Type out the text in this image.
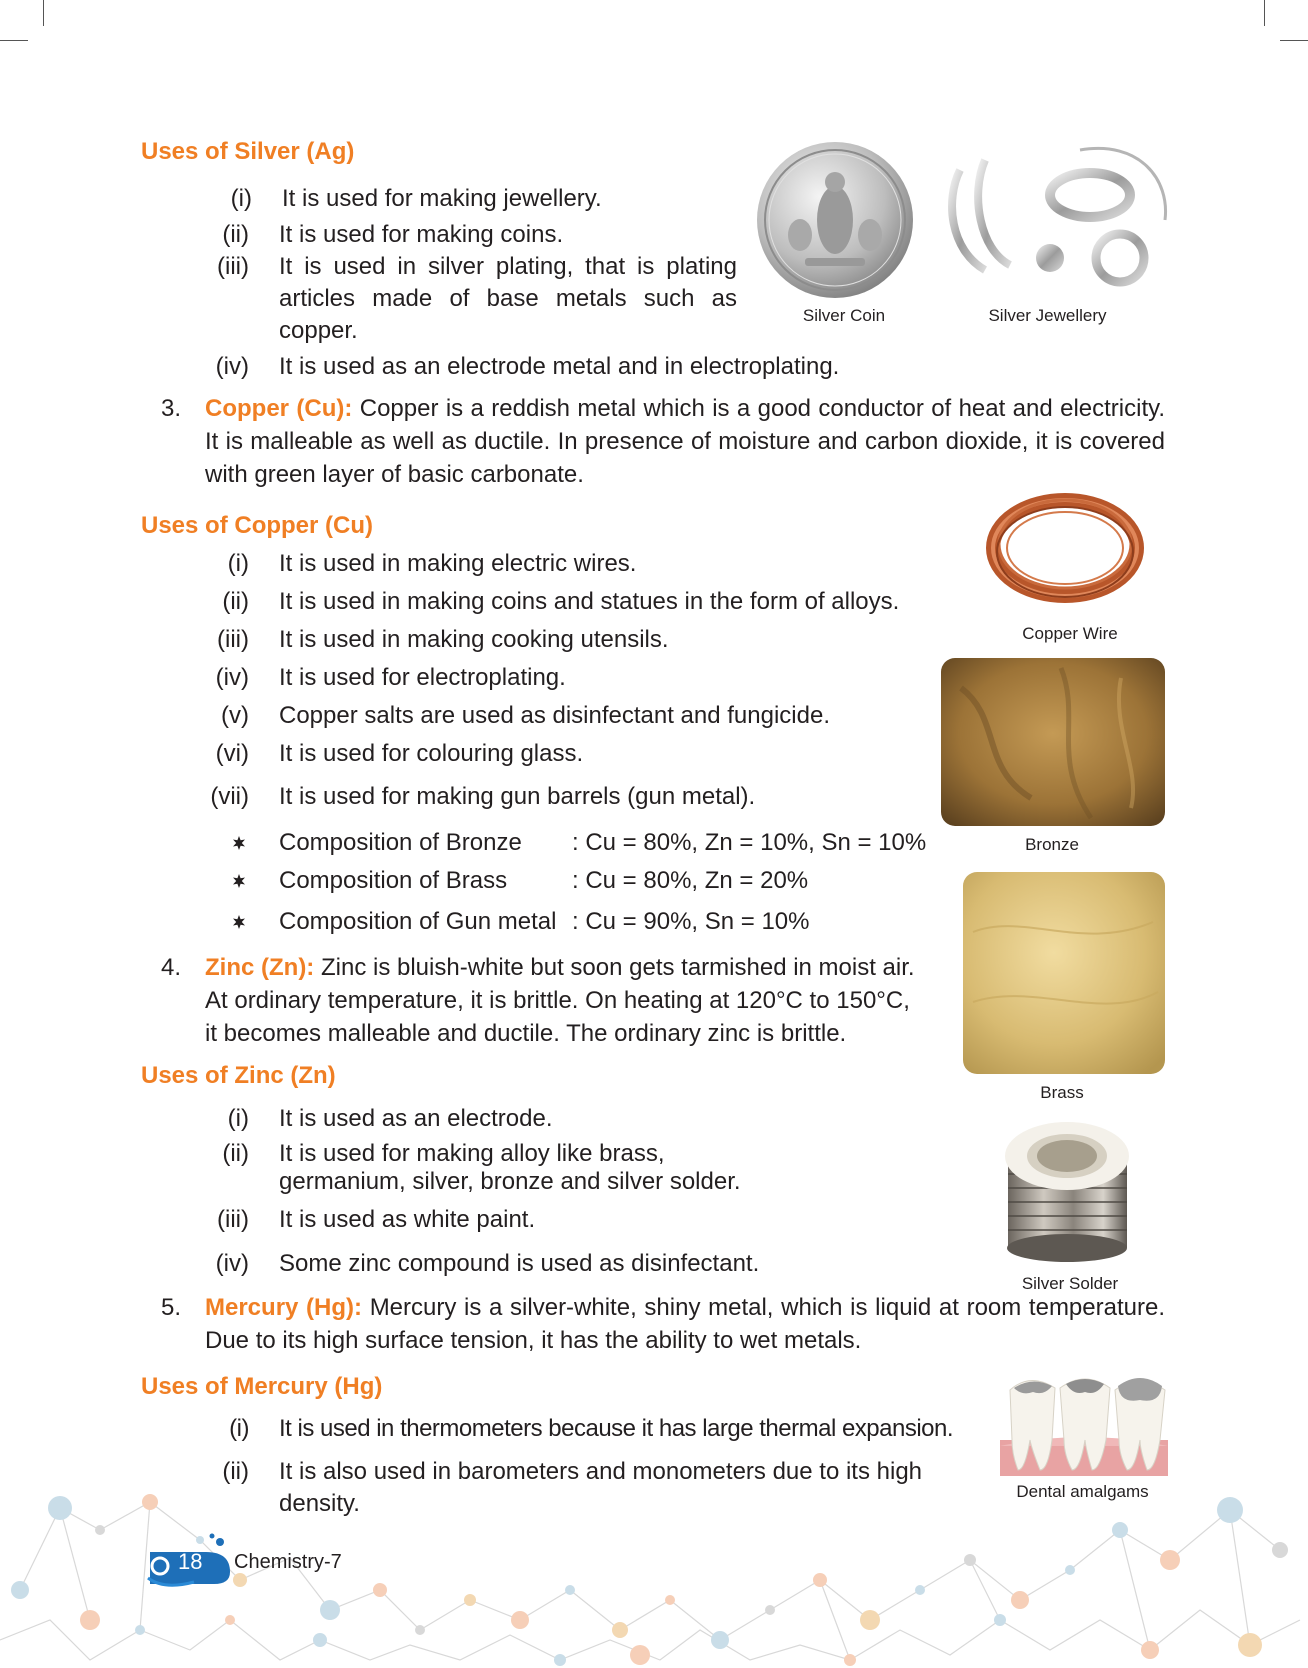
Uses of Silver (Ag)
(i) It is used for making jewellery.
(ii) It is used for making coins.
(iii) It is used in silver plating, that is plating articles made of base metals such as copper.
(iv) It is used as an electrode metal and in electroplating.
Silver Coin	Silver Jewellery
3. Copper (Cu): Copper is a reddish metal which is a good conductor of heat and electricity. It is malleable as well as ductile. In presence of moisture and carbon dioxide, it is covered with green layer of basic carbonate.
Uses of Copper (Cu)
(i) It is used in making electric wires.
(ii) It is used in making coins and statues in the form of alloys.
(iii) It is used in making cooking utensils.
(iv) It is used for electroplating.
(v) Copper salts are used as disinfectant and fungicide.
(vi) It is used for colouring glass.
(vii) It is used for making gun barrels (gun metal).
Composition of Bronze : Cu = 80%, Zn = 10%, Sn = 10%
Composition of Brass	: Cu = 80%, Zn = 20%
Composition of Gun metal : Cu = 90%, Sn = 10%
Copper Wire
Bronze
Brass
4. Zinc (Zn): Zinc is bluish-white but soon gets tarmished in moist air.
At ordinary temperature, it is brittle. On heating at 120°C to 150°C,
it becomes malleable and ductile. The ordinary zinc is brittle.
Uses of Zinc (Zn)
(i) It is used as an electrode.
(ii) It is used for making alloy like brass,
germanium, silver, bronze and silver solder.
(iii) It is used as white paint.
(iv) Some zinc compound is used as disinfectant.
Silver Solder
5. Mercury (Hg): Mercury is a silver-white, shiny metal, which is liquid at room temperature. Due to its high surface tension, it has the ability to wet metals.
Uses of Mercury (Hg)
(i) It is used in thermometers because it has large thermal expansion.
(ii) It is also used in barometers and monometers due to its high
density.	Dental amalgams
18 Chemistry-7
